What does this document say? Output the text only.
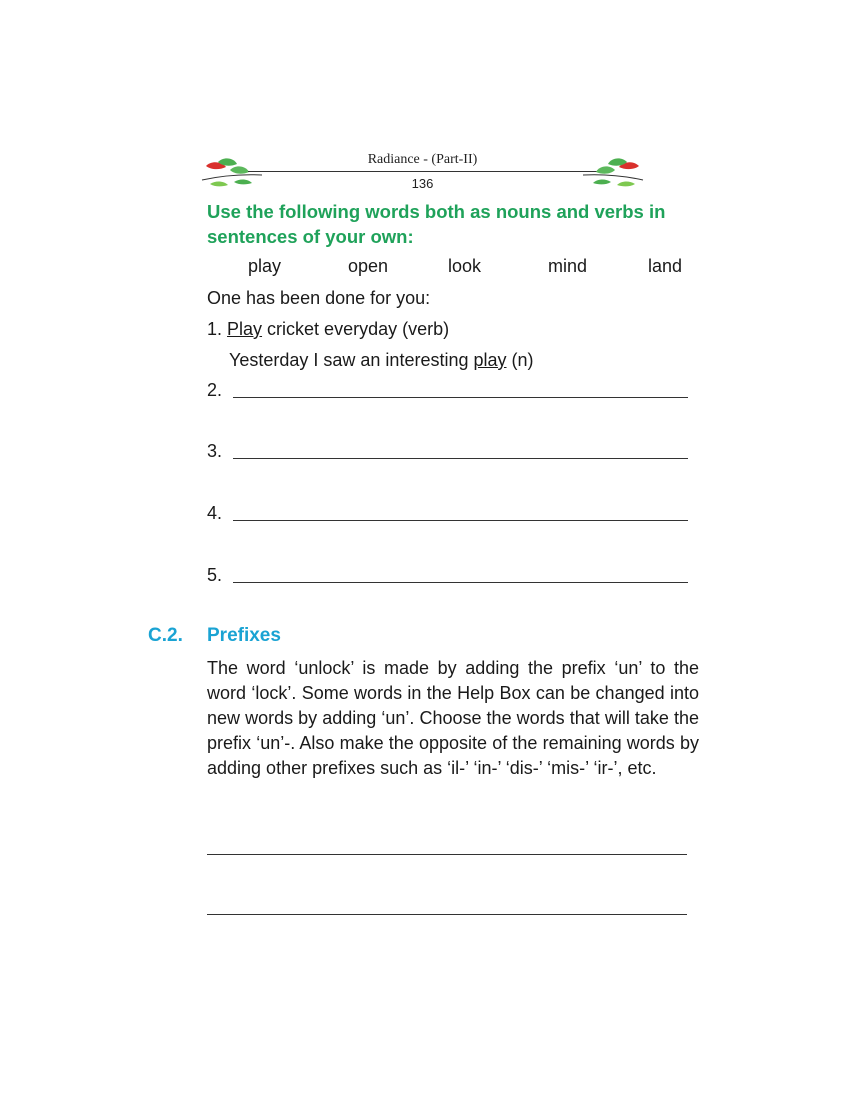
Radiance - (Part-II)
136
Use the following words both as nouns and verbs in sentences of your own:
play	open	look	mind	land
One has been done for you:
1. Play cricket everyday (verb)
Yesterday I saw an interesting play (n)
2.
3.
4.
5.
C.2. Prefixes
The word ‘unlock’ is made by adding the prefix ‘un’ to the word ‘lock’. Some words in the Help Box can be changed into new words by adding ‘un’. Choose the words that will take the prefix ‘un’-. Also make the opposite of the remaining words by adding other prefixes such as ‘il-’ ‘in-’ ‘dis-’ ‘mis-’ ‘ir-’, etc.
